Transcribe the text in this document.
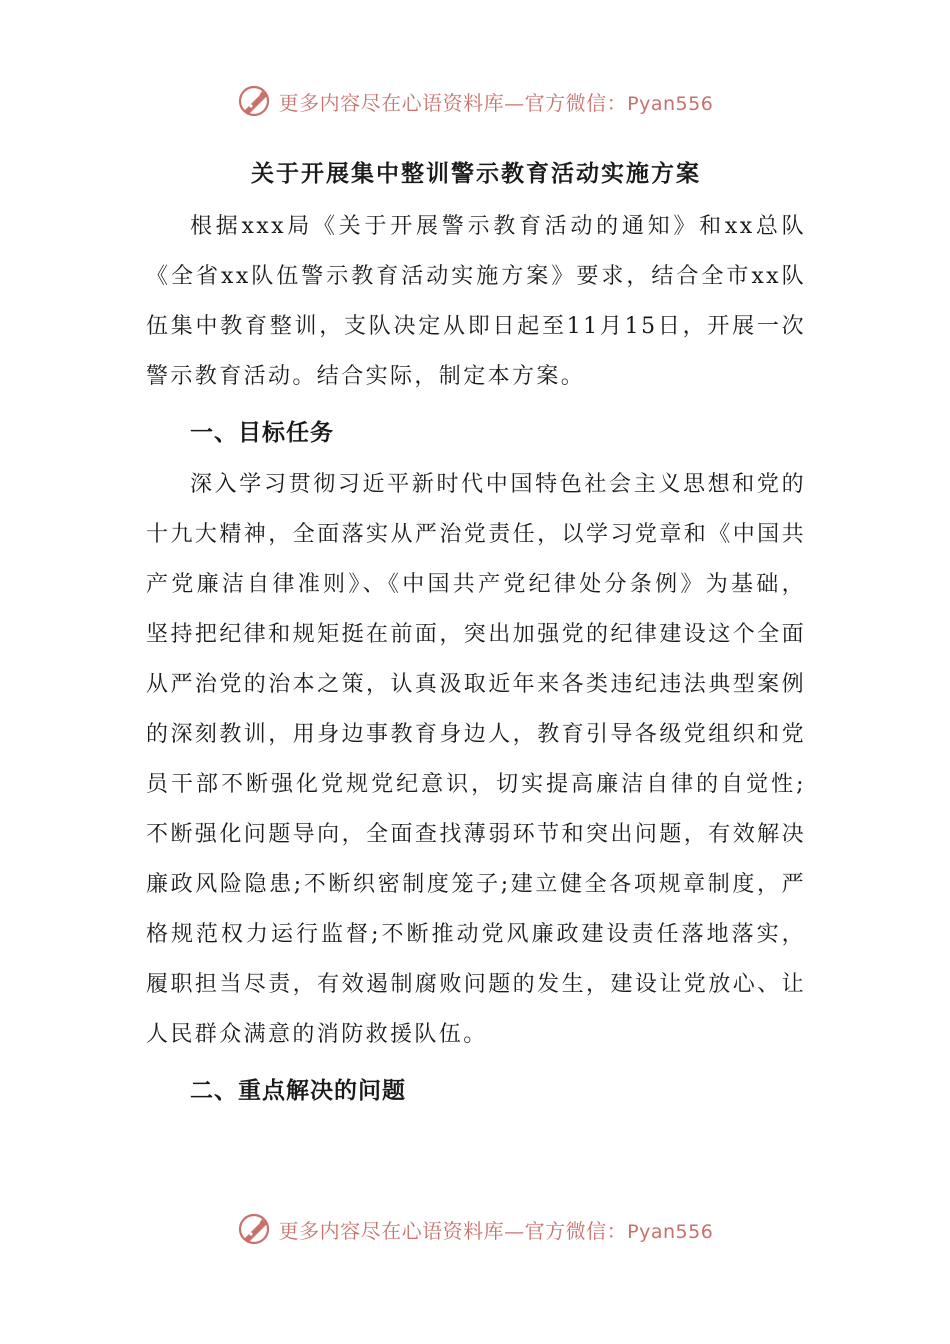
更多内容尽在心语资料库—官方微信：Pyan556
关于开展集中整训警示教育活动实施方案

根据xxx局《关于开展警示教育活动的通知》和xx总队《全省xx队伍警示教育活动实施方案》要求，结合全市xx队伍集中教育整训，支队决定从即日起至11月15日，开展一次警示教育活动。结合实际，制定本方案。

一、目标任务

深入学习贯彻习近平新时代中国特色社会主义思想和党的十九大精神，全面落实从严治党责任，以学习党章和《中国共产党廉洁自律准则》、《中国共产党纪律处分条例》为基础，坚持把纪律和规矩挺在前面，突出加强党的纪律建设这个全面从严治党的治本之策，认真汲取近年来各类违纪违法典型案例的深刻教训，用身边事教育身边人，教育引导各级党组织和党员干部不断强化党规党纪意识，切实提高廉洁自律的自觉性;不断强化问题导向，全面查找薄弱环节和突出问题，有效解决廉政风险隐患;不断织密制度笼子;建立健全各项规章制度，严格规范权力运行监督;不断推动党风廉政建设责任落地落实，履职担当尽责，有效遏制腐败问题的发生，建设让党放心、让人民群众满意的消防救援队伍。

二、重点解决的问题
更多内容尽在心语资料库—官方微信：Pyan556
